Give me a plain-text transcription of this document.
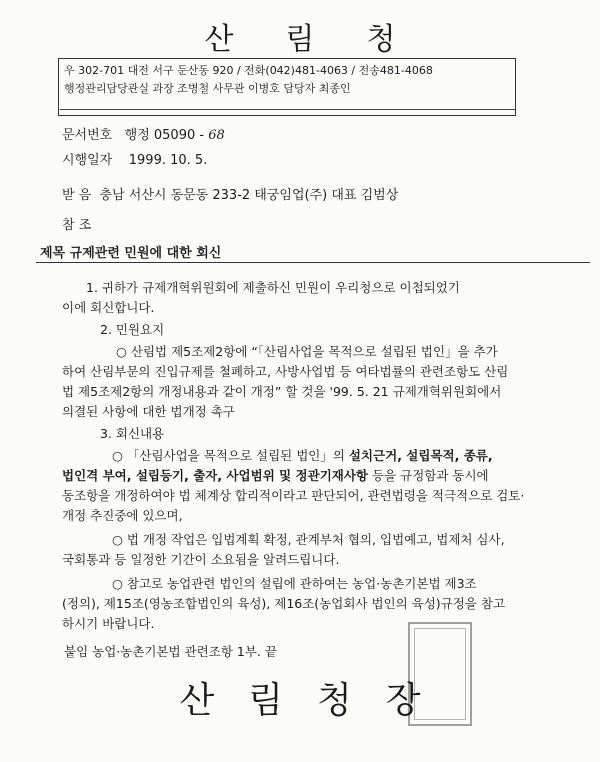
산림청
우 302-701 대전 서구 둔산동 920 / 전화(042)481-4063 / 전송481-4068
행정관리담당관실 과장 조병철 사무관 이병호 담당자 최종인
문서번호 행정 05090 - 68
시행일자 1999. 10. 5.
받 음 충남 서산시 동문동 233-2 태궁임업(주) 대표 김범상
참 조
제목 규제관련 민원에 대한 회신
1. 귀하가 규제개혁위원회에 제출하신 민원이 우리청으로 이첩되었기
이에 회신합니다.
2. 민원요지
○ 산림법 제5조제2항에 “「산림사업을 목적으로 설립된 법인」을 추가
하여 산림부문의 진입규제를 철폐하고, 사방사업법 등 여타법률의 관련조항도 산림
법 제5조제2항의 개정내용과 같이 개정” 할 것을 '99. 5. 21 규제개혁위원회에서
의결된 사항에 대한 법개정 촉구
3. 회신내용
○ 「산림사업을 목적으로 설립된 법인」의 설치근거, 설립목적, 종류,
법인격 부여, 설립등기, 출자, 사업범위 및 정관기재사항 등을 규정함과 동시에
동조항을 개정하여야 법 체계상 합리적이라고 판단되어, 관련법령을 적극적으로 검토·
개정 추진중에 있으며,
○ 법 개정 작업은 입법계획 확정, 관계부처 협의, 입법예고, 법제처 심사,
국회통과 등 일정한 기간이 소요됨을 알려드립니다.
○ 참고로 농업관련 법인의 설립에 관하여는 농업·농촌기본법 제3조
(정의), 제15조(영농조합법인의 육성), 제16조(농업회사 법인의 육성)규정을 참고
하시기 바랍니다.
붙임 농업·농촌기본법 관련조항 1부. 끝
산림청장
